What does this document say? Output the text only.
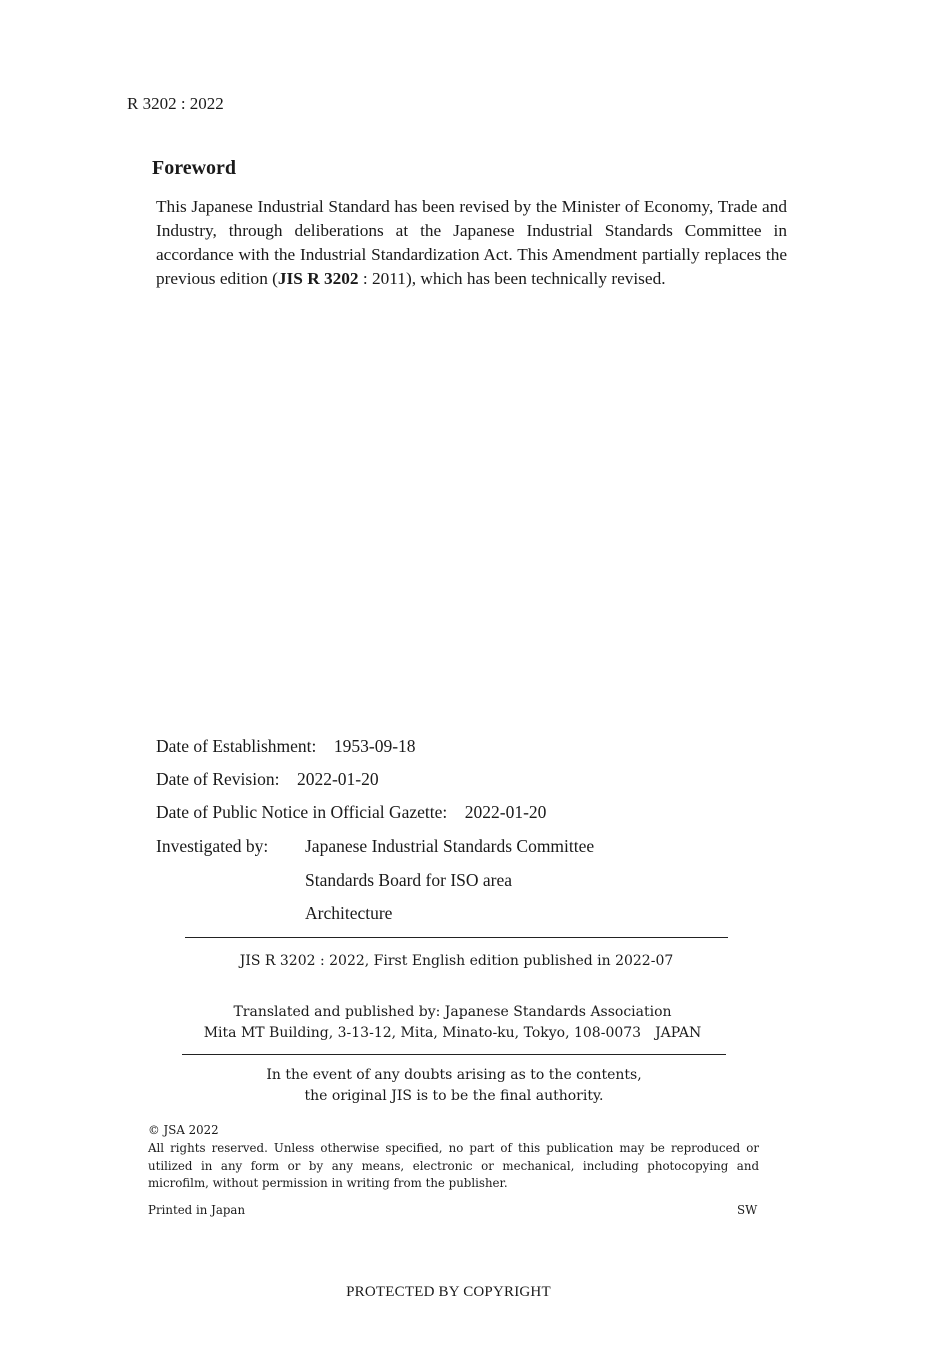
R 3202 : 2022
Foreword
This Japanese Industrial Standard has been revised by the Minister of Economy, Trade and Industry, through deliberations at the Japanese Industrial Standards Committee in accordance with the Industrial Standardization Act. This Amendment partially replaces the previous edition (JIS R 3202 : 2011), which has been technically revised.
Date of Establishment: 1953-09-18
Date of Revision: 2022-01-20
Date of Public Notice in Official Gazette: 2022-01-20
Investigated by: Japanese Industrial Standards Committee
Standards Board for ISO area
Architecture
JIS R 3202 : 2022, First English edition published in 2022-07
Translated and published by: Japanese Standards Association
Mita MT Building, 3-13-12, Mita, Minato-ku, Tokyo, 108-0073 JAPAN
In the event of any doubts arising as to the contents,
the original JIS is to be the final authority.
© JSA 2022
All rights reserved. Unless otherwise specified, no part of this publication may be reproduced or utilized in any form or by any means, electronic or mechanical, including photocopying and microfilm, without permission in writing from the publisher.
Printed in Japan	SW
PROTECTED BY COPYRIGHT
